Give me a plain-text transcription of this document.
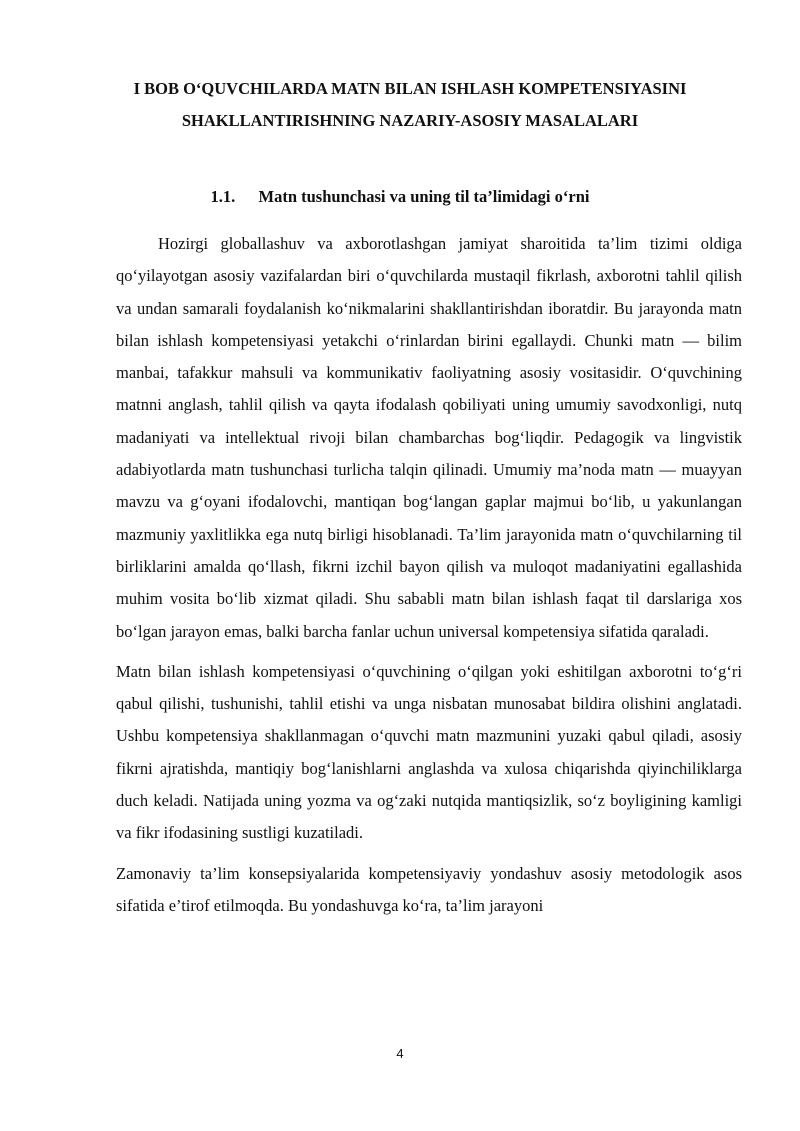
I BOB O‘QUVCHILARDA MATN BILAN ISHLASH KOMPETENSIYASINI SHAKLLANTIRISHNING NAZARIY-ASOSIY MASALALARI
1.1. Matn tushunchasi va uning til ta’limidagi o‘rni

Hozirgi globallashuv va axborotlashgan jamiyat sharoitida ta’lim tizimi oldiga qo‘yilayotgan asosiy vazifalardan biri o‘quvchilarda mustaqil fikrlash, axborotni tahlil qilish va undan samarali foydalanish ko‘nikmalarini shakllantirishdan iboratdir. Bu jarayonda matn bilan ishlash kompetensiyasi yetakchi o‘rinlardan birini egallaydi. Chunki matn — bilim manbai, tafakkur mahsuli va kommunikativ faoliyatning asosiy vositasidir. O‘quvchining matnni anglash, tahlil qilish va qayta ifodalash qobiliyati uning umumiy savodxonligi, nutq madaniyati va intellektual rivoji bilan chambarchas bog‘liqdir. Pedagogik va lingvistik adabiyotlarda matn tushunchasi turlicha talqin qilinadi. Umumiy ma’noda matn — muayyan mavzu va g‘oyani ifodalovchi, mantiqan bog‘langan gaplar majmui bo‘lib, u yakunlangan mazmuniy yaxlitlikka ega nutq birligi hisoblanadi. Ta’lim jarayonida matn o‘quvchilarning til birliklarini amalda qo‘llash, fikrni izchil bayon qilish va muloqot madaniyatini egallashida muhim vosita bo‘lib xizmat qiladi. Shu sababli matn bilan ishlash faqat til darslariga xos bo‘lgan jarayon emas, balki barcha fanlar uchun universal kompetensiya sifatida qaraladi.

Matn bilan ishlash kompetensiyasi o‘quvchining o‘qilgan yoki eshitilgan axborotni to‘g‘ri qabul qilishi, tushunishi, tahlil etishi va unga nisbatan munosabat bildira olishini anglatadi. Ushbu kompetensiya shakllanmagan o‘quvchi matn mazmunini yuzaki qabul qiladi, asosiy fikrni ajratishda, mantiqiy bog‘lanishlarni anglashda va xulosa chiqarishda qiyinchiliklarga duch keladi. Natijada uning yozma va og‘zaki nutqida mantiqsizlik, so‘z boyligining kamligi va fikr ifodasining sustligi kuzatiladi.

Zamonaviy ta’lim konsepsiyalarida kompetensiyaviy yondashuv asosiy metodologik asos sifatida e’tirof etilmoqda. Bu yondashuvga ko‘ra, ta’lim jarayoni

4
